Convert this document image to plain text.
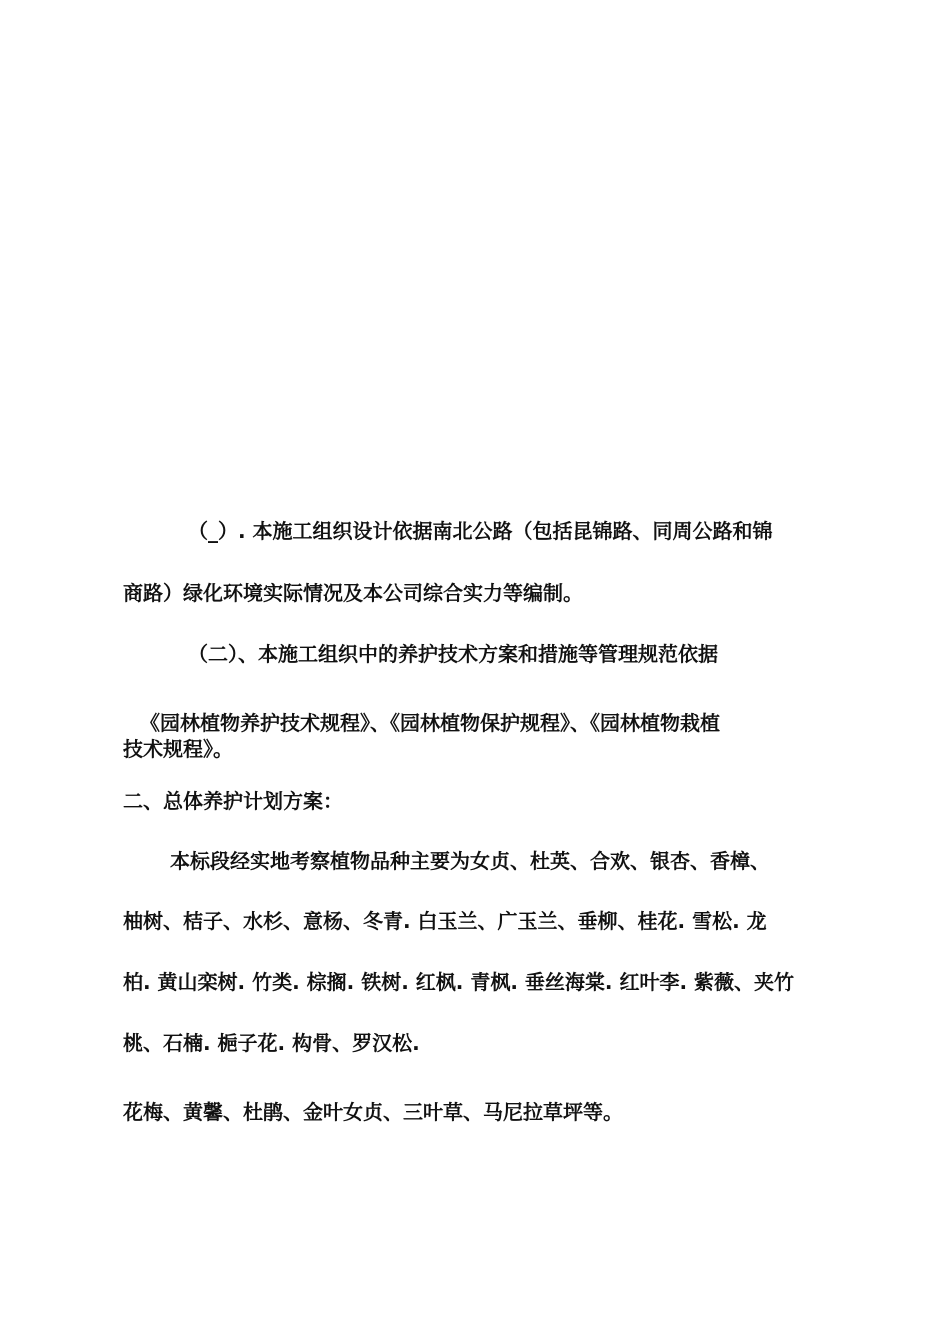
（_）. 本施工组织设计依据南北公路（包括昆锦路、同周公路和锦
商路）绿化环境实际情况及本公司综合实力等编制。
（二）、本施工组织中的养护技术方案和措施等管理规范依据
《园林植物养护技术规程》、《园林植物保护规程》、《园林植物栽植
技术规程》。
二、总体养护计划方案：
本标段经实地考察植物品种主要为女贞、杜英、合欢、银杏、香樟、
柚树、桔子、水杉、意杨、冬青. 白玉兰、广玉兰、垂柳、桂花. 雪松. 龙
柏. 黄山栾树. 竹类. 棕搁. 铁树. 红枫. 青枫. 垂丝海棠. 红叶李. 紫薇、夹竹
桃、石楠. 梔子花. 构骨、罗汉松.
花梅、黄馨、杜鹃、金叶女贞、三叶草、马尼拉草坪等。
